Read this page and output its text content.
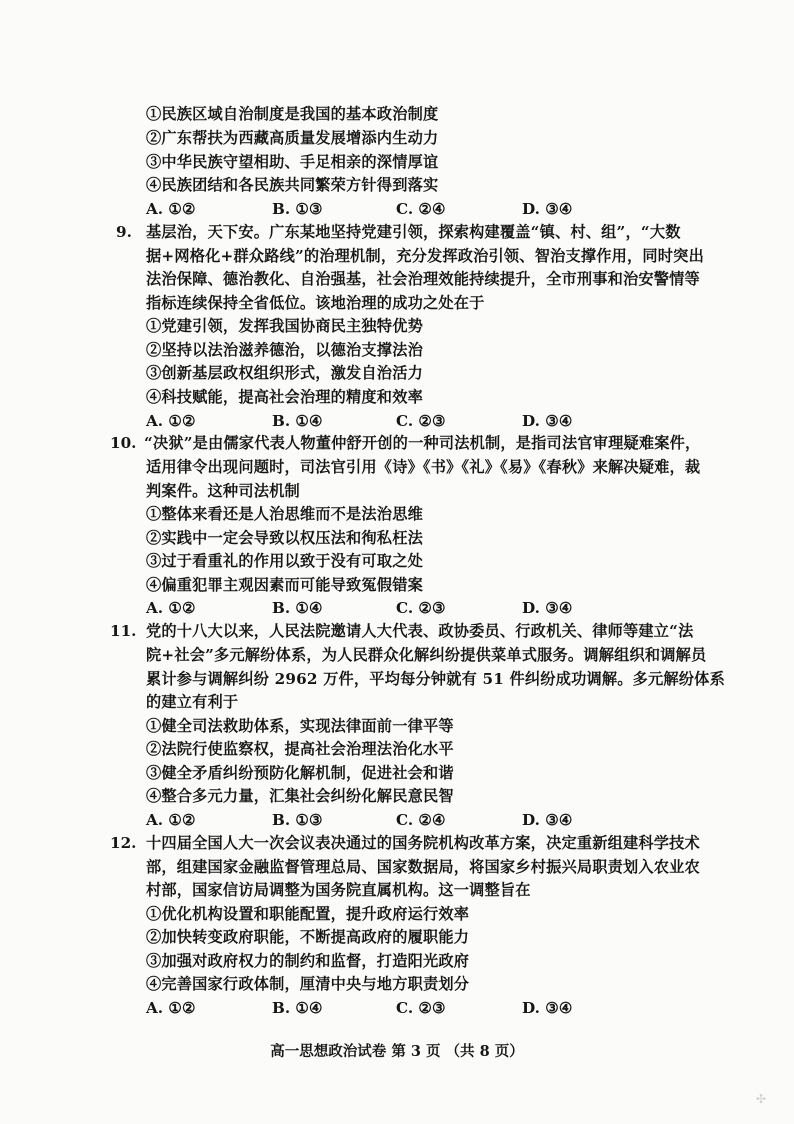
①民族区域自治制度是我国的基本政治制度
②广东帮扶为西藏高质量发展增添内生动力
③中华民族守望相助、手足相亲的深情厚谊
④民族团结和各民族共同繁荣方针得到落实
A. ①②	B. ①③	C. ②④	D. ③④
9. 基层治，天下安。广东某地坚持党建引领，探索构建覆盖“镇、村、组”，“大数
据+网格化+群众路线”的治理机制，充分发挥政治引领、智治支撑作用，同时突出
法治保障、德治教化、自治强基，社会治理效能持续提升，全市刑事和治安警情等
指标连续保持全省低位。该地治理的成功之处在于
①党建引领，发挥我国协商民主独特优势
②坚持以法治滋养德治，以德治支撑法治
③创新基层政权组织形式，激发自治活力
④科技赋能，提高社会治理的精度和效率
A. ①②	B. ①④	C. ②③	D. ③④
10. “决狱”是由儒家代表人物董仲舒开创的一种司法机制，是指司法官审理疑难案件，
适用律令出现问题时，司法官引用《诗》《书》《礼》《易》《春秋》来解决疑难，裁
判案件。这种司法机制
①整体来看还是人治思维而不是法治思维
②实践中一定会导致以权压法和徇私枉法
③过于看重礼的作用以致于没有可取之处
④偏重犯罪主观因素而可能导致冤假错案
A. ①②	B. ①④	C. ②③	D. ③④
11. 党的十八大以来，人民法院邀请人大代表、政协委员、行政机关、律师等建立“法
院+社会”多元解纷体系，为人民群众化解纠纷提供菜单式服务。调解组织和调解员
累计参与调解纠纷 2962 万件，平均每分钟就有 51 件纠纷成功调解。多元解纷体系
的建立有利于
①健全司法救助体系，实现法律面前一律平等
②法院行使监察权，提高社会治理法治化水平
③健全矛盾纠纷预防化解机制，促进社会和谐
④整合多元力量，汇集社会纠纷化解民意民智
A. ①②	B. ①③	C. ②④	D. ③④
12. 十四届全国人大一次会议表决通过的国务院机构改革方案，决定重新组建科学技术
部，组建国家金融监督管理总局、国家数据局，将国家乡村振兴局职责划入农业农
村部，国家信访局调整为国务院直属机构。这一调整旨在
①优化机构设置和职能配置，提升政府运行效率
②加快转变政府职能，不断提高政府的履职能力
③加强对政府权力的制约和监督，打造阳光政府
④完善国家行政体制，厘清中央与地方职责划分
A. ①②	B. ①④	C. ②③	D. ③④
高一思想政治试卷 第 3 页 （共 8 页）
✣
